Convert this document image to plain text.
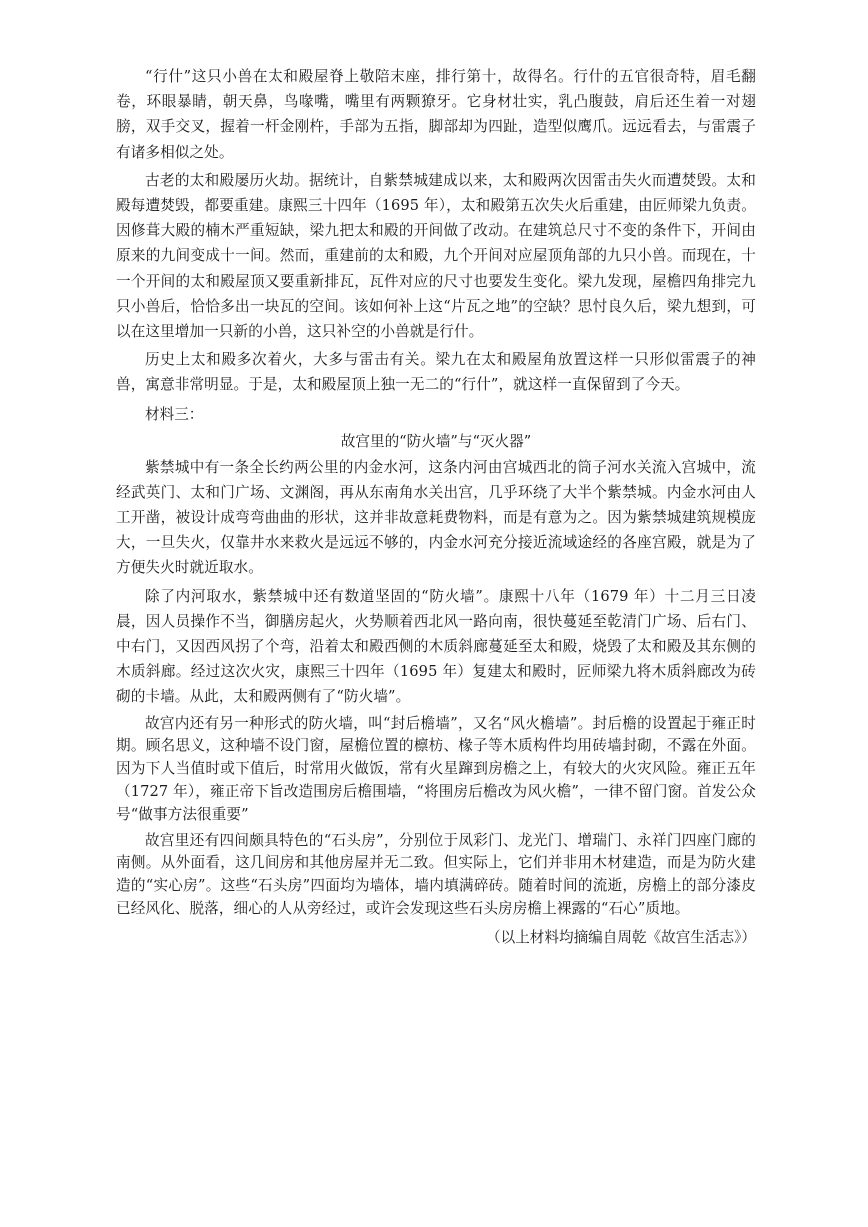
“行什”这只小兽在太和殿屋脊上敬陪末座，排行第十，故得名。行什的五官很奇特，眉毛翻卷，环眼暴睛，朝天鼻，鸟喙嘴，嘴里有两颗獠牙。它身材壮实，乳凸腹鼓，肩后还生着一对翅膀，双手交叉，握着一杆金刚杵，手部为五指，脚部却为四趾，造型似鹰爪。远远看去，与雷震子有诸多相似之处。

古老的太和殿屡历火劫。据统计，自紫禁城建成以来，太和殿两次因雷击失火而遭焚毁。太和殿每遭焚毁，都要重建。康熙三十四年（1695 年），太和殿第五次失火后重建，由匠师梁九负责。因修葺大殿的楠木严重短缺，梁九把太和殿的开间做了改动。在建筑总尺寸不变的条件下，开间由原来的九间变成十一间。然而，重建前的太和殿，九个开间对应屋顶角部的九只小兽。而现在，十一个开间的太和殿屋顶又要重新排瓦，瓦件对应的尺寸也要发生变化。梁九发现，屋檐四角排完九只小兽后，恰恰多出一块瓦的空间。该如何补上这“片瓦之地”的空缺？思忖良久后，梁九想到，可以在这里增加一只新的小兽，这只补空的小兽就是行什。

历史上太和殿多次着火，大多与雷击有关。梁九在太和殿屋角放置这样一只形似雷震子的神兽，寓意非常明显。于是，太和殿屋顶上独一无二的“行什”，就这样一直保留到了今天。

材料三：

故宫里的“防火墙”与“灭火器”

紫禁城中有一条全长约两公里的内金水河，这条内河由宫城西北的筒子河水关流入宫城中，流经武英门、太和门广场、文渊阁，再从东南角水关出宫，几乎环绕了大半个紫禁城。内金水河由人工开凿，被设计成弯弯曲曲的形状，这并非故意耗费物料，而是有意为之。因为紫禁城建筑规模庞大，一旦失火，仅靠井水来救火是远远不够的，内金水河充分接近流域途经的各座宫殿，就是为了方便失火时就近取水。

除了内河取水，紫禁城中还有数道坚固的“防火墙”。康熙十八年（1679 年）十二月三日凌晨，因人员操作不当，御膳房起火，火势顺着西北风一路向南，很快蔓延至乾清门广场、后右门、中右门，又因西风拐了个弯，沿着太和殿西侧的木质斜廊蔓延至太和殿，烧毁了太和殿及其东侧的木质斜廊。经过这次火灾，康熙三十四年（1695 年）复建太和殿时，匠师梁九将木质斜廊改为砖砌的卡墙。从此，太和殿两侧有了“防火墙”。

故宫内还有另一种形式的防火墙，叫“封后檐墙”，又名“风火檐墙”。封后檐的设置起于雍正时期。顾名思义，这种墙不设门窗，屋檐位置的檩枋、椽子等木质构件均用砖墙封砌，不露在外面。因为下人当值时或下值后，时常用火做饭，常有火星蹿到房檐之上，有较大的火灾风险。雍正五年（1727 年），雍正帝下旨改造围房后檐围墙，“将围房后檐改为风火檐”，一律不留门窗。首发公众号“做事方法很重要”

故宫里还有四间颇具特色的“石头房”，分别位于凤彩门、龙光门、增瑞门、永祥门四座门廊的南侧。从外面看，这几间房和其他房屋并无二致。但实际上，它们并非用木材建造，而是为防火建造的“实心房”。这些“石头房”四面均为墙体，墙内填满碎砖。随着时间的流逝，房檐上的部分漆皮已经风化、脱落，细心的人从旁经过，或许会发现这些石头房房檐上裸露的“石心”质地。

（以上材料均摘编自周乾《故宫生活志》）
